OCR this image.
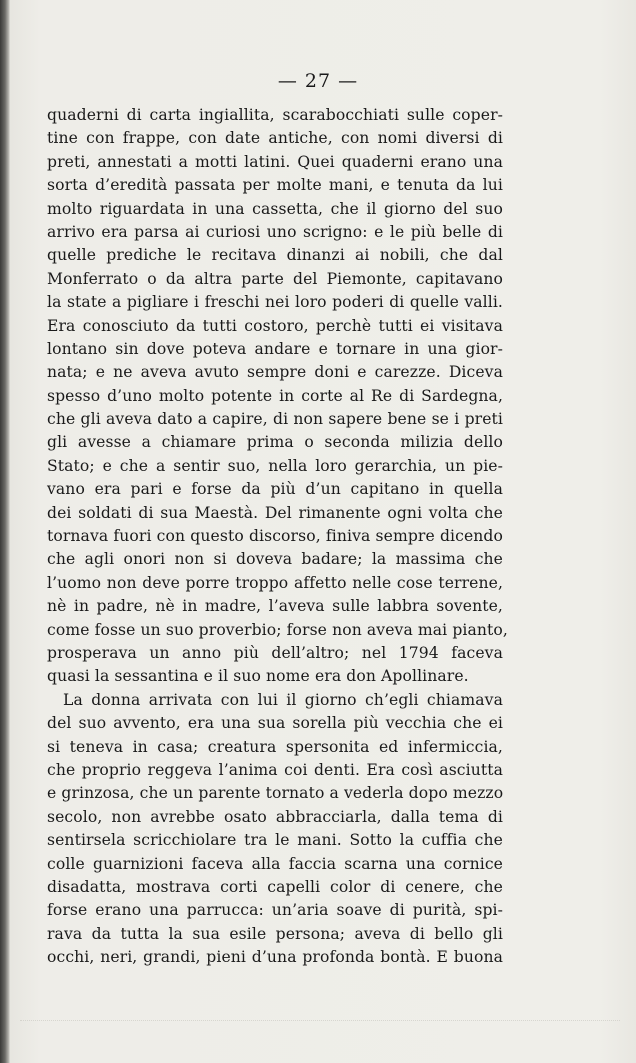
— 27 —
quaderni di carta ingiallita, scarabocchiati sulle coper-
tine con frappe, con date antiche, con nomi diversi di
preti, annestati a motti latini. Quei quaderni erano una
sorta d’eredità passata per molte mani, e tenuta da lui
molto riguardata in una cassetta, che il giorno del suo
arrivo era parsa ai curiosi uno scrigno: e le più belle di
quelle prediche le recitava dinanzi ai nobili, che dal
Monferrato o da altra parte del Piemonte, capitavano
la state a pigliare i freschi nei loro poderi di quelle valli.
Era conosciuto da tutti costoro, perchè tutti ei visitava
lontano sin dove poteva andare e tornare in una gior-
nata; e ne aveva avuto sempre doni e carezze. Diceva
spesso d’uno molto potente in corte al Re di Sardegna,
che gli aveva dato a capire, di non sapere bene se i preti
gli avesse a chiamare prima o seconda milizia dello
Stato; e che a sentir suo, nella loro gerarchia, un pie-
vano era pari e forse da più d’un capitano in quella
dei soldati di sua Maestà. Del rimanente ogni volta che
tornava fuori con questo discorso, finiva sempre dicendo
che agli onori non si doveva badare; la massima che
l’uomo non deve porre troppo affetto nelle cose terrene,
nè in padre, nè in madre, l’aveva sulle labbra sovente,
come fosse un suo proverbio; forse non aveva mai pianto,
prosperava un anno più dell’altro; nel 1794 faceva
quasi la sessantina e il suo nome era don Apollinare.
La donna arrivata con lui il giorno ch’egli chiamava
del suo avvento, era una sua sorella più vecchia che ei
si teneva in casa; creatura spersonita ed infermiccia,
che proprio reggeva l’anima coi denti. Era così asciutta
e grinzosa, che un parente tornato a vederla dopo mezzo
secolo, non avrebbe osato abbracciarla, dalla tema di
sentirsela scricchiolare tra le mani. Sotto la cuffia che
colle guarnizioni faceva alla faccia scarna una cornice
disadatta, mostrava corti capelli color di cenere, che
forse erano una parrucca: un’aria soave di purità, spi-
rava da tutta la sua esile persona; aveva di bello gli
occhi, neri, grandi, pieni d’una profonda bontà. E buona
